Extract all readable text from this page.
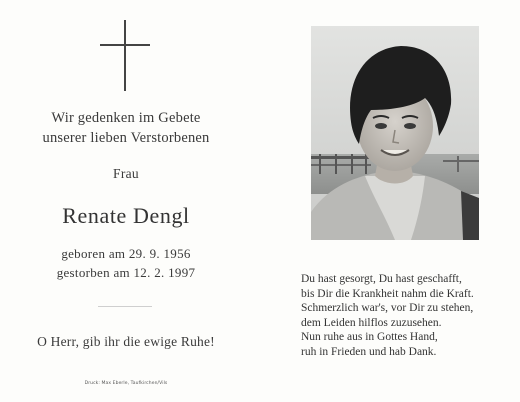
Wir gedenken im Gebete
unserer lieben Verstorbenen
Frau
Renate Dengl
geboren am 29. 9. 1956
gestorben am 12. 2. 1997
O Herr, gib ihr die ewige Ruhe!
Druck: Max Eberle, Taufkirchen/Vils
Du hast gesorgt, Du hast geschafft,
bis Dir die Krankheit nahm die Kraft.
Schmerzlich war's, vor Dir zu stehen,
dem Leiden hilflos zuzusehen.
Nun ruhe aus in Gottes Hand,
ruh in Frieden und hab Dank.
